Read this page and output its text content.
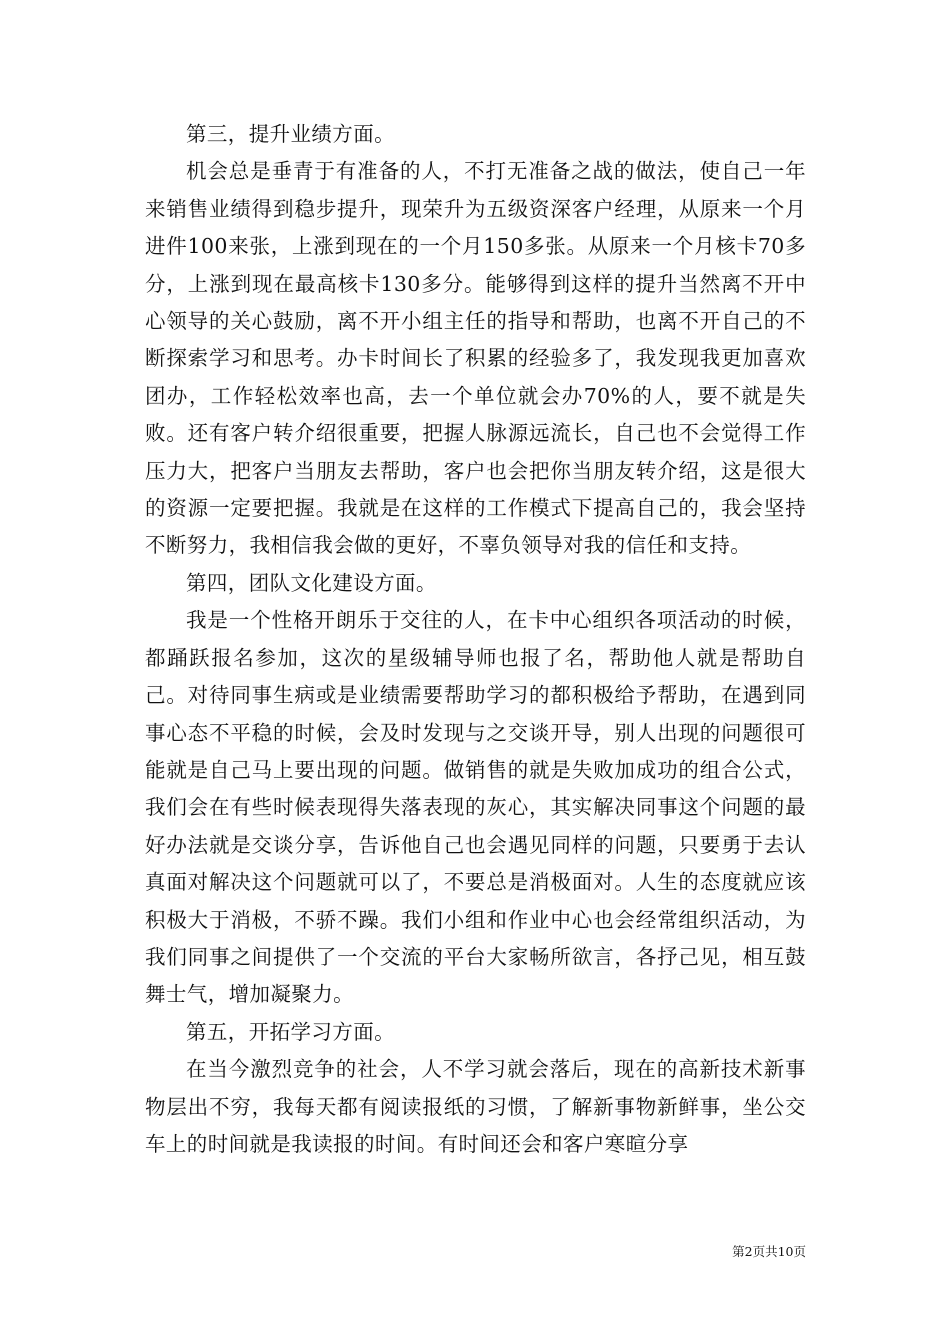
第三，提升业绩方面。

机会总是垂青于有准备的人，不打无准备之战的做法，使自己一年来销售业绩得到稳步提升，现荣升为五级资深客户经理，从原来一个月进件100来张，上涨到现在的一个月150多张。从原来一个月核卡70多分，上涨到现在最高核卡130多分。能够得到这样的提升当然离不开中心领导的关心鼓励，离不开小组主任的指导和帮助，也离不开自己的不断探索学习和思考。办卡时间长了积累的经验多了，我发现我更加喜欢团办，工作轻松效率也高，去一个单位就会办70%的人，要不就是失败。还有客户转介绍很重要，把握人脉源远流长，自己也不会觉得工作压力大，把客户当朋友去帮助，客户也会把你当朋友转介绍，这是很大的资源一定要把握。我就是在这样的工作模式下提高自己的，我会坚持不断努力，我相信我会做的更好，不辜负领导对我的信任和支持。

第四，团队文化建设方面。

我是一个性格开朗乐于交往的人，在卡中心组织各项活动的时候，都踊跃报名参加，这次的星级辅导师也报了名，帮助他人就是帮助自己。对待同事生病或是业绩需要帮助学习的都积极给予帮助，在遇到同事心态不平稳的时候，会及时发现与之交谈开导，别人出现的问题很可能就是自己马上要出现的问题。做销售的就是失败加成功的组合公式，我们会在有些时候表现得失落表现的灰心，其实解决同事这个问题的最好办法就是交谈分享，告诉他自己也会遇见同样的问题，只要勇于去认真面对解决这个问题就可以了，不要总是消极面对。人生的态度就应该积极大于消极，不骄不躁。我们小组和作业中心也会经常组织活动，为我们同事之间提供了一个交流的平台大家畅所欲言，各抒己见，相互鼓舞士气，增加凝聚力。

第五，开拓学习方面。

在当今激烈竞争的社会，人不学习就会落后，现在的高新技术新事物层出不穷，我每天都有阅读报纸的习惯，了解新事物新鲜事，坐公交车上的时间就是我读报的时间。有时间还会和客户寒暄分享

第2页共10页
